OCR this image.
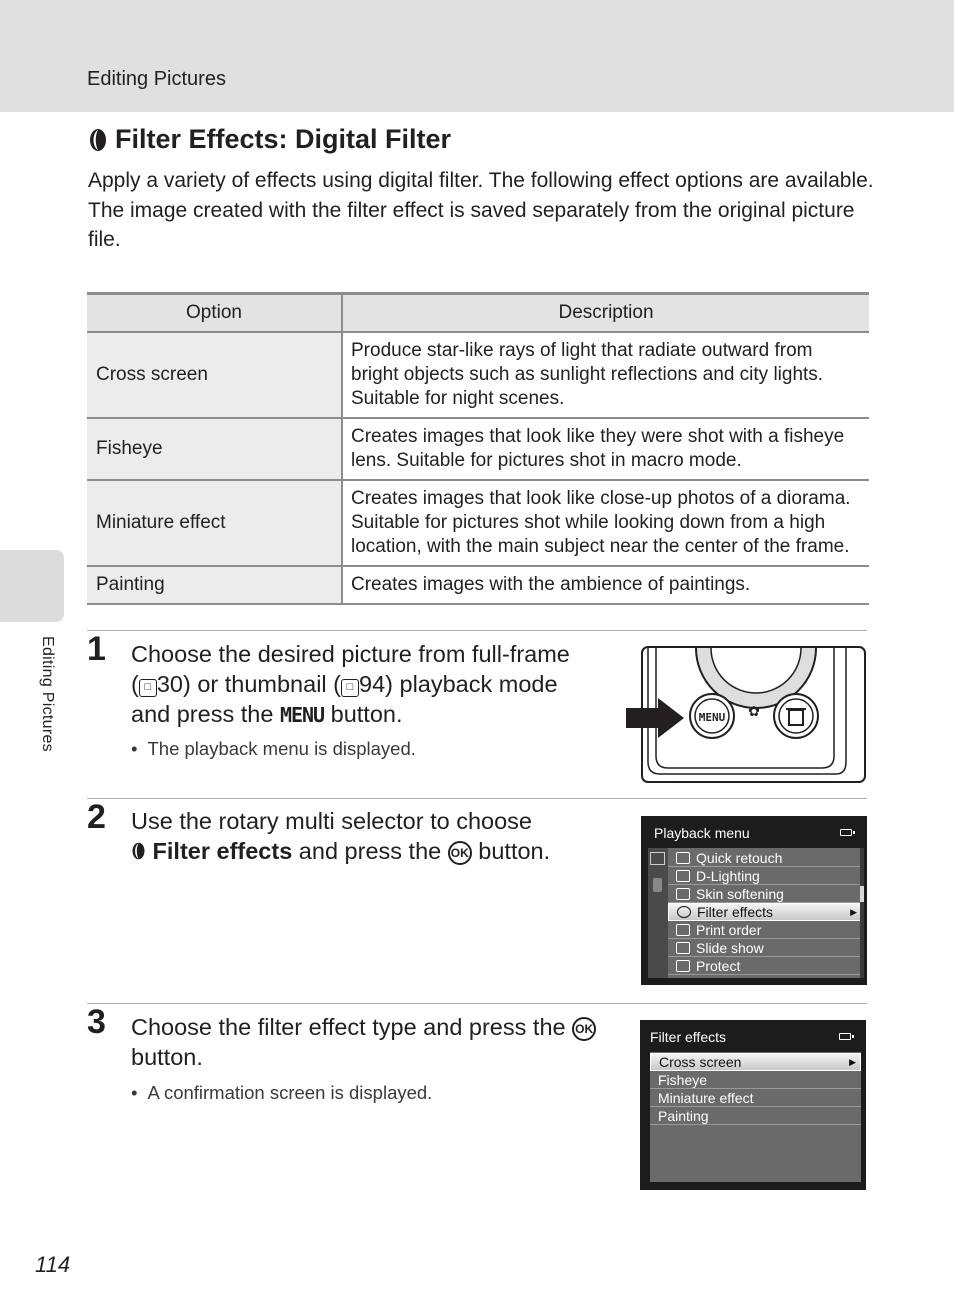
Editing Pictures
Editing Pictures
Filter Effects: Digital Filter

Apply a variety of effects using digital filter. The following effect options are available.

The image created with the filter effect is saved separately from the original picture file.

Option	Description
Cross screen	Produce star-like rays of light that radiate outward from bright objects such as sunlight reflections and city lights. Suitable for night scenes.
Fisheye	Creates images that look like they were shot with a fisheye lens. Suitable for pictures shot in macro mode.
Miniature effect	Creates images that look like close-up photos of a diorama. Suitable for pictures shot while looking down from a high location, with the main subject near the center of the frame.
Painting	Creates images with the ambience of paintings.
1 Choose the desired picture from full-frame
( □ 30) or thumbnail ( □ 94) playback mode
and press the MENU button.
• The playback menu is displayed.
MENU ✿
2 Use the rotary multi selector to choose
Filter effects and press the OK button.
Playback menu
Quick retouch
D-Lighting
Skin softening
Filter effects	▶
Print order
Slide show
Protect
3 Choose the filter effect type and press the OK
button.
• A confirmation screen is displayed.
Filter effects
Cross screen	▶
Fisheye
Miniature effect
Painting
114
